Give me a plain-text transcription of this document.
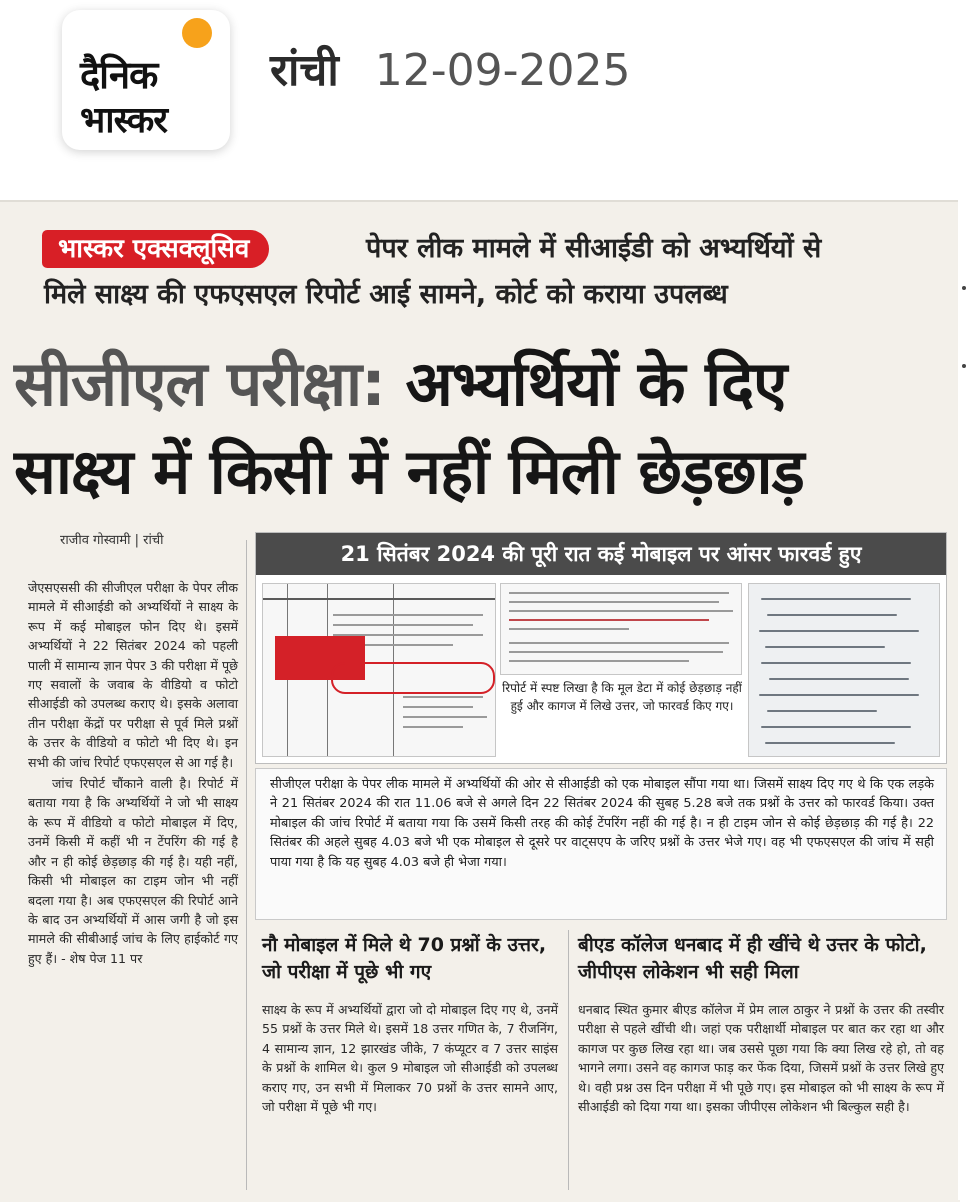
दैनिक
भास्कर
रांची 12-09-2025
भास्कर एक्सक्लूसिव	पेपर लीक मामले में सीआईडी को अभ्यर्थियों से
मिले साक्ष्य की एफएसएल रिपोर्ट आई सामने, कोर्ट को कराया उपलब्ध
सीजीएल परीक्षा: अभ्यर्थियों के दिए
साक्ष्य में किसी में नहीं मिली छेड़छाड़
राजीव गोस्वामी | रांची

जेएसएससी की सीजीएल परीक्षा के पेपर लीक मामले में सीआईडी को अभ्यर्थियों ने साक्ष्य के रूप में कई मोबाइल फोन दिए थे। इसमें अभ्यर्थियों ने 22 सितंबर 2024 को पहली पाली में सामान्य ज्ञान पेपर 3 की परीक्षा में पूछे गए सवालों के जवाब के वीडियो व फोटो सीआईडी को उपलब्ध कराए थे। इसके अलावा तीन परीक्षा केंद्रों पर परीक्षा से पूर्व मिले प्रश्नों के उत्तर के वीडियो व फोटो भी दिए थे। इन सभी की जांच रिपोर्ट एफएसएल से आ गई है।

जांच रिपोर्ट चौंकाने वाली है। रिपोर्ट में बताया गया है कि अभ्यर्थियों ने जो भी साक्ष्य के रूप में वीडियो व फोटो मोबाइल में दिए, उनमें किसी में कहीं भी न टेंपरिंग की गई है और न ही कोई छेड़छाड़ की गई है। यही नहीं, किसी भी मोबाइल का टाइम जोन भी नहीं बदला गया है। अब एफएसएल की रिपोर्ट आने के बाद उन अभ्यर्थियों में आस जगी है जो इस मामले की सीबीआई जांच के लिए हाईकोर्ट गए हुए हैं। - शेष पेज 11 पर

21 सितंबर 2024 की पूरी रात कई मोबाइल पर आंसर फारवर्ड हुए
रिपोर्ट में स्पष्ट लिखा है कि मूल डेटा में कोई छेड़छाड़ नहीं हुई और कागज में लिखे उत्तर, जो फारवर्ड किए गए।
सीजीएल परीक्षा के पेपर लीक मामले में अभ्यर्थियों की ओर से सीआईडी को एक मोबाइल सौंपा गया था। जिसमें साक्ष्य दिए गए थे कि एक लड़के ने 21 सितंबर 2024 की रात 11.06 बजे से अगले दिन 22 सितंबर 2024 की सुबह 5.28 बजे तक प्रश्नों के उत्तर को फारवर्ड किया। उक्त मोबाइल की जांच रिपोर्ट में बताया गया कि उसमें किसी तरह की कोई टेंपरिंग नहीं की गई है। न ही टाइम जोन से कोई छेड़छाड़ की गई है। 22 सितंबर की अहले सुबह 4.03 बजे भी एक मोबाइल से दूसरे पर वाट्सएप के जरिए प्रश्नों के उत्तर भेजे गए। वह भी एफएसएल की जांच में सही पाया गया है कि यह सुबह 4.03 बजे ही भेजा गया।
नौ मोबाइल में मिले थे 70 प्रश्नों के उत्तर, जो परीक्षा में पूछे भी गए
साक्ष्य के रूप में अभ्यर्थियों द्वारा जो दो मोबाइल दिए गए थे, उनमें 55 प्रश्नों के उत्तर मिले थे। इसमें 18 उत्तर गणित के, 7 रीजनिंग, 4 सामान्य ज्ञान, 12 झारखंड जीके, 7 कंप्यूटर व 7 उत्तर साइंस के प्रश्नों के शामिल थे। कुल 9 मोबाइल जो सीआईडी को उपलब्ध कराए गए, उन सभी में मिलाकर 70 प्रश्नों के उत्तर सामने आए, जो परीक्षा में पूछे भी गए।
बीएड कॉलेज धनबाद में ही खींचे थे उत्तर के फोटो, जीपीएस लोकेशन भी सही मिला
धनबाद स्थित कुमार बीएड कॉलेज में प्रेम लाल ठाकुर ने प्रश्नों के उत्तर की तस्वीर परीक्षा से पहले खींची थी। जहां एक परीक्षार्थी मोबाइल पर बात कर रहा था और कागज पर कुछ लिख रहा था। जब उससे पूछा गया कि क्या लिख रहे हो, तो वह भागने लगा। उसने वह कागज फाड़ कर फेंक दिया, जिसमें प्रश्नों के उत्तर लिखे हुए थे। वही प्रश्न उस दिन परीक्षा में भी पूछे गए। इस मोबाइल को भी साक्ष्य के रूप में सीआईडी को दिया गया था। इसका जीपीएस लोकेशन भी बिल्कुल सही है।
